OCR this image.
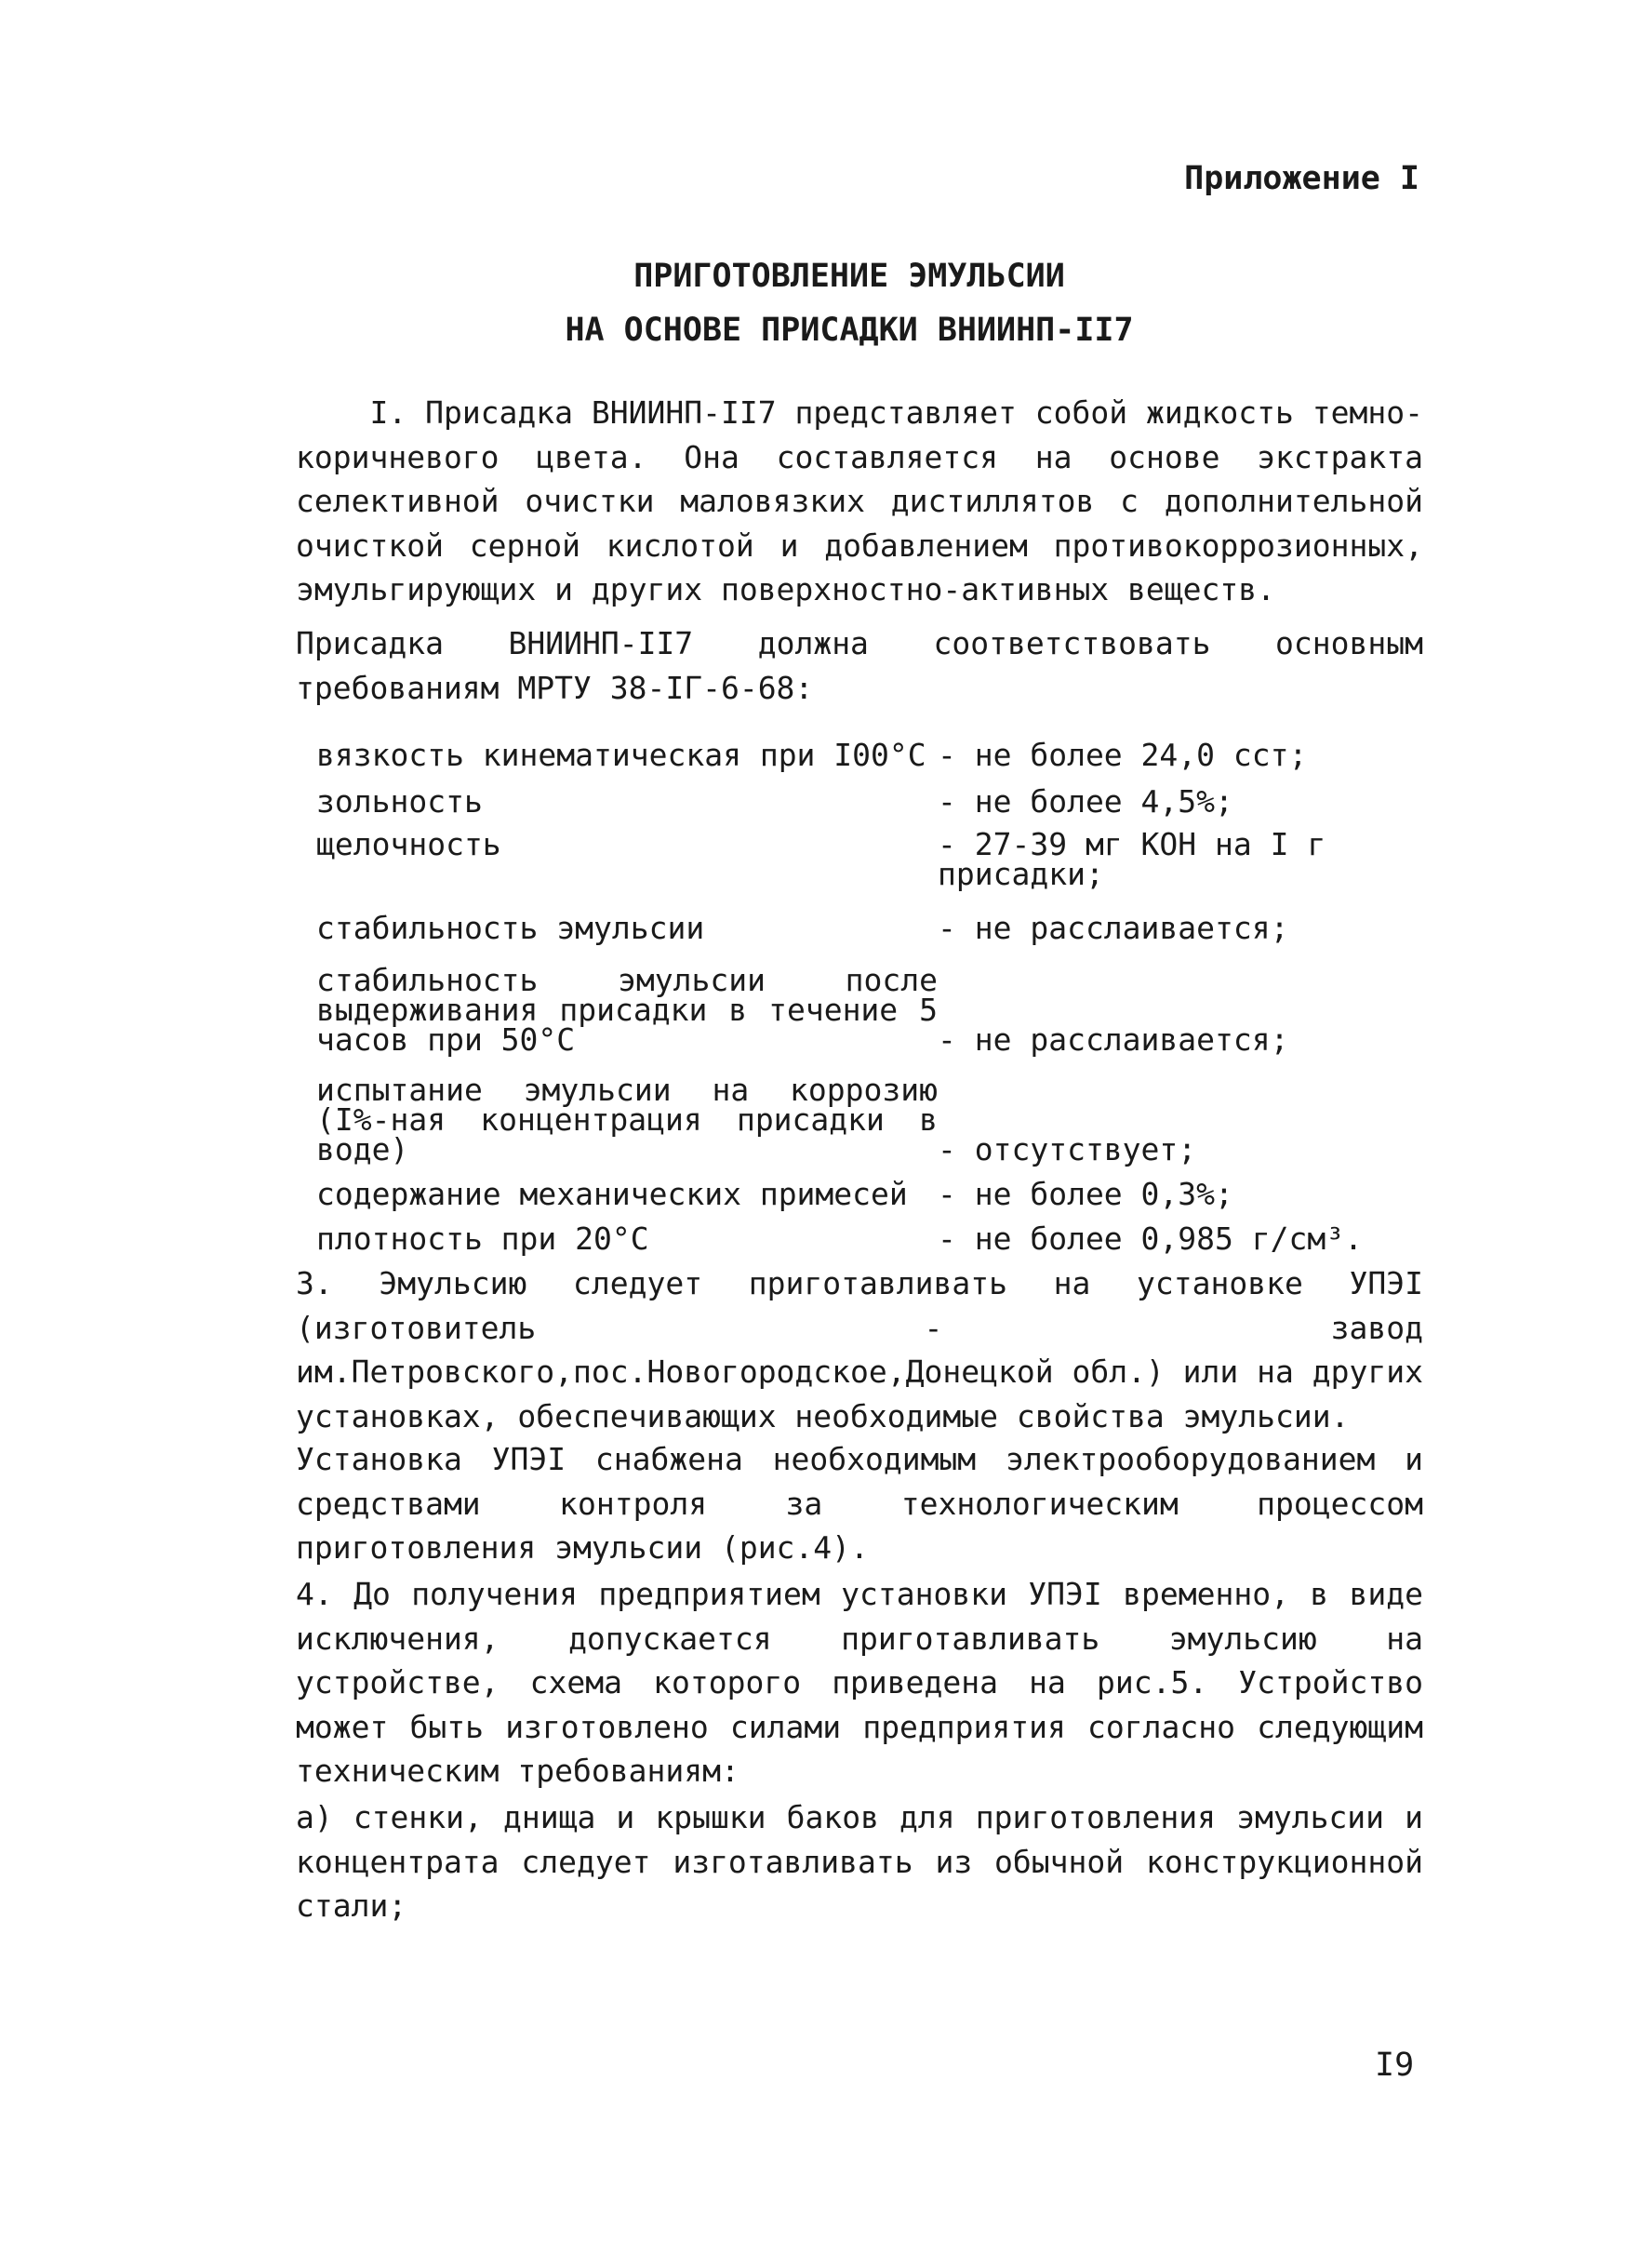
Приложение I
ПРИГОТОВЛЕНИЕ ЭМУЛЬСИИ
НА ОСНОВЕ ПРИСАДКИ ВНИИНП-II7
I. Присадка ВНИИНП-II7 представляет собой жидкость темно-коричневого цвета. Она составляется на основе экстракта селективной очистки маловязких дистиллятов с дополнительной очисткой серной кислотой и добавлением противокоррозионных, эмульгирующих и других поверхностно-активных веществ.
Присадка ВНИИНП-II7 должна соответствовать основным требованиям МРТУ 38-IГ-6-68:
вязкость кинематическая при I00°C - не более 24,0 сст;
зольность	- не более 4,5%;
щелочность	- 27-39 мг КОН на I г присадки;
стабильность эмульсии	- не расслаивается;
стабильность эмульсии после выдерживания присадки в течение 5 часов при 50°C	- не расслаивается;
испытание эмульсии на коррозию (I%-ная концентрация присадки в воде)	- отсутствует;
содержание механических примесей - не более 0,3%;
плотность при 20°C	- не более 0,985 г/см³.
3. Эмульсию следует приготавливать на установке УПЭI (изготовитель - завод им.Петровского,пос.Новогородское,Донецкой обл.) или на других установках, обеспечивающих необходимые свойства эмульсии.
Установка УПЭI снабжена необходимым электрооборудованием и средствами контроля за технологическим процессом приготовления эмульсии (рис.4).
4. До получения предприятием установки УПЭI временно, в виде исключения, допускается приготавливать эмульсию на устройстве, схема которого приведена на рис.5. Устройство может быть изготовлено силами предприятия согласно следующим техническим требованиям:
а) стенки, днища и крышки баков для приготовления эмульсии и концентрата следует изготавливать из обычной конструкционной стали;
I9
